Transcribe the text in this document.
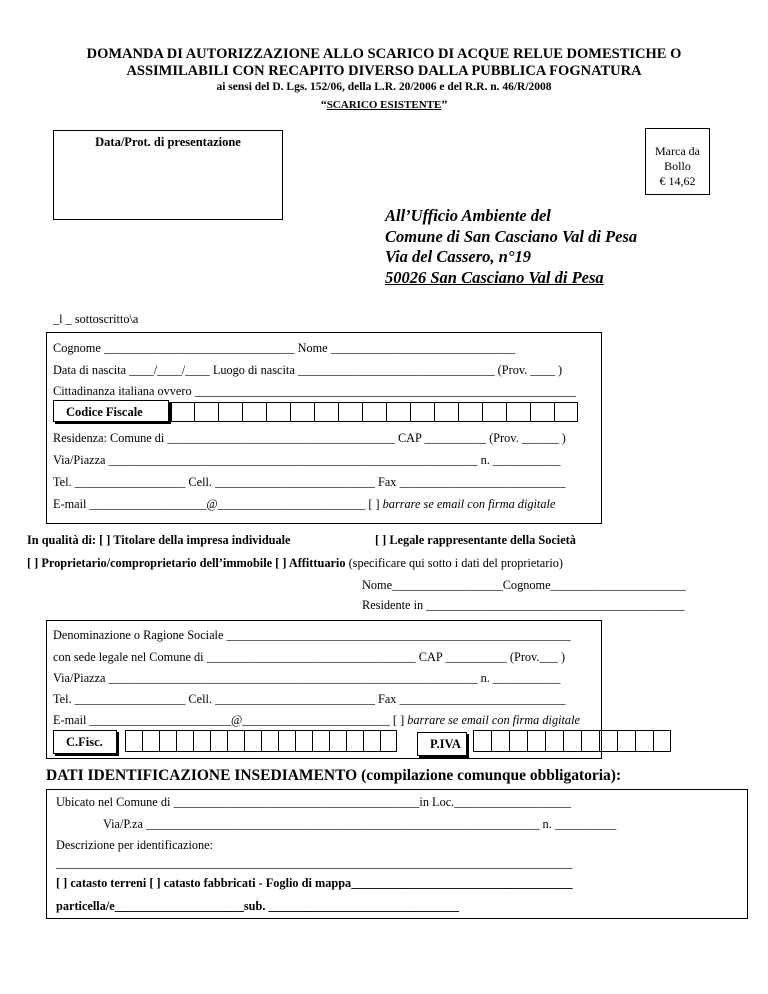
DOMANDA DI AUTORIZZAZIONE ALLO SCARICO DI ACQUE RELUE DOMESTICHE O
ASSIMILABILI CON RECAPITO DIVERSO DALLA PUBBLICA FOGNATURA
ai sensi del D. Lgs. 152/06, della L.R. 20/2006 e del R.R. n. 46/R/2008
“SCARICO ESISTENTE”
Data/Prot. di presentazione
Marca da
Bollo
€ 14,62
All’Ufficio Ambiente del
Comune di San Casciano Val di Pesa
Via del Cassero, n°19
50026 San Casciano Val di Pesa
_l _ sottoscritto\a
Cognome _______________________________ Nome ______________________________
Data di nascita ____/____/____ Luogo di nascita ________________________________ (Prov. ____ )
Cittadinanza italiana ovvero ______________________________________________________________
Codice Fiscale
Residenza: Comune di _____________________________________ CAP __________ (Prov. ______ )
Via/Piazza ____________________________________________________________ n. ___________
Tel. __________________ Cell. __________________________ Fax ___________________________
E-mail ___________________@________________________ [ ] barrare se email con firma digitale
In qualità di: [ ] Titolare della impresa individuale	[ ] Legale rappresentante della Società
[ ] Proprietario/comproprietario dell’immobile [ ] Affittuario (specificare qui sotto i dati del proprietario)
Nome__________________Cognome______________________
Residente in __________________________________________
Denominazione o Ragione Sociale ________________________________________________________
con sede legale nel Comune di __________________________________ CAP __________ (Prov.___ )
Via/Piazza ____________________________________________________________ n. ___________
Tel. __________________ Cell. __________________________ Fax ___________________________
E-mail _______________________@________________________ [ ] barrare se email con firma digitale
C.Fisc.	P.IVA
DATI IDENTIFICAZIONE INSEDIAMENTO (compilazione comunque obbligatoria):
Ubicato nel Comune di ________________________________________in Loc.___________________
Via/P.za ________________________________________________________________ n. __________
Descrizione per identificazione:
____________________________________________________________________________________
[ ] catasto terreni [ ] catasto fabbricati - Foglio di mappa____________________________________
particella/e_____________________sub. _______________________________
